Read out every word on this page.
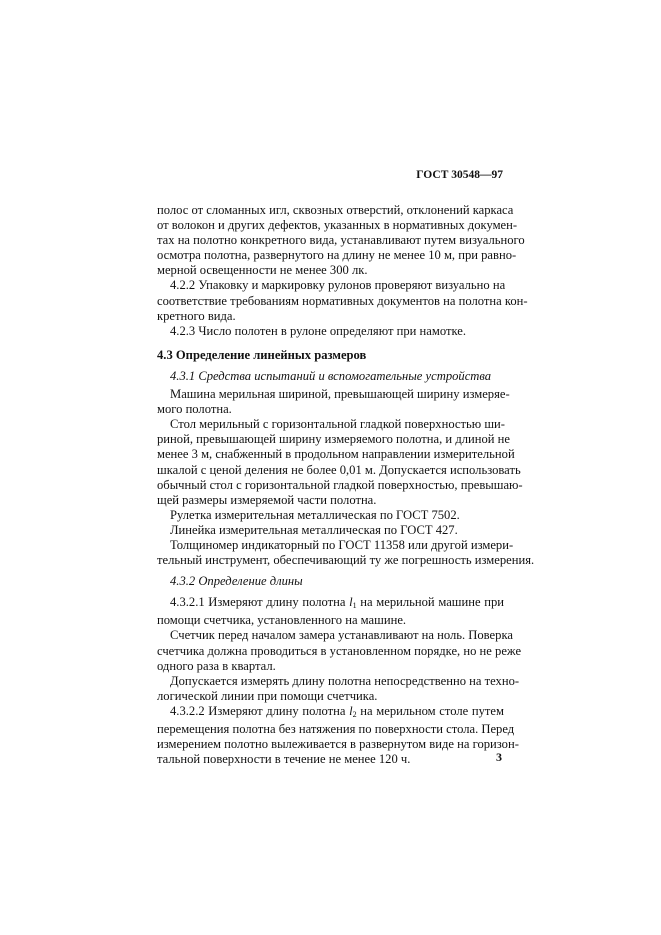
ГОСТ 30548—97
полос от сломанных игл, сквозных отверстий, отклонений каркаса
от волокон и других дефектов, указанных в нормативных докумен-
тах на полотно конкретного вида, устанавливают путем визуального
осмотра полотна, развернутого на длину не менее 10 м, при равно-
мерной освещенности не менее 300 лк.
4.2.2 Упаковку и маркировку рулонов проверяют визуально на
соответствие требованиям нормативных документов на полотна кон-
кретного вида.
4.2.3 Число полотен в рулоне определяют при намотке.
4.3 Определение линейных размеров
4.3.1 Средства испытаний и вспомогательные устройства
Машина мерильная шириной, превышающей ширину измеряе-
мого полотна.
Стол мерильный с горизонтальной гладкой поверхностью ши-
риной, превышающей ширину измеряемого полотна, и длиной не
менее 3 м, снабженный в продольном направлении измерительной
шкалой с ценой деления не более 0,01 м. Допускается использовать
обычный стол с горизонтальной гладкой поверхностью, превышаю-
щей размеры измеряемой части полотна.
Рулетка измерительная металлическая по ГОСТ 7502.
Линейка измерительная металлическая по ГОСТ 427.
Толщиномер индикаторный по ГОСТ 11358 или другой измери-
тельный инструмент, обеспечивающий ту же погрешность измерения.
4.3.2 Определение длины
4.3.2.1 Измеряют длину полотна $l_1$ на мерильной машине при
помощи счетчика, установленного на машине.
Счетчик перед началом замера устанавливают на ноль. Поверка
счетчика должна проводиться в установленном порядке, но не реже
одного раза в квартал.
Допускается измерять длину полотна непосредственно на техно-
логической линии при помощи счетчика.
4.3.2.2 Измеряют длину полотна $l_2$ на мерильном столе путем
перемещения полотна без натяжения по поверхности стола. Перед
измерением полотно вылеживается в развернутом виде на горизон-
тальной поверхности в течение не менее 120 ч.	3
